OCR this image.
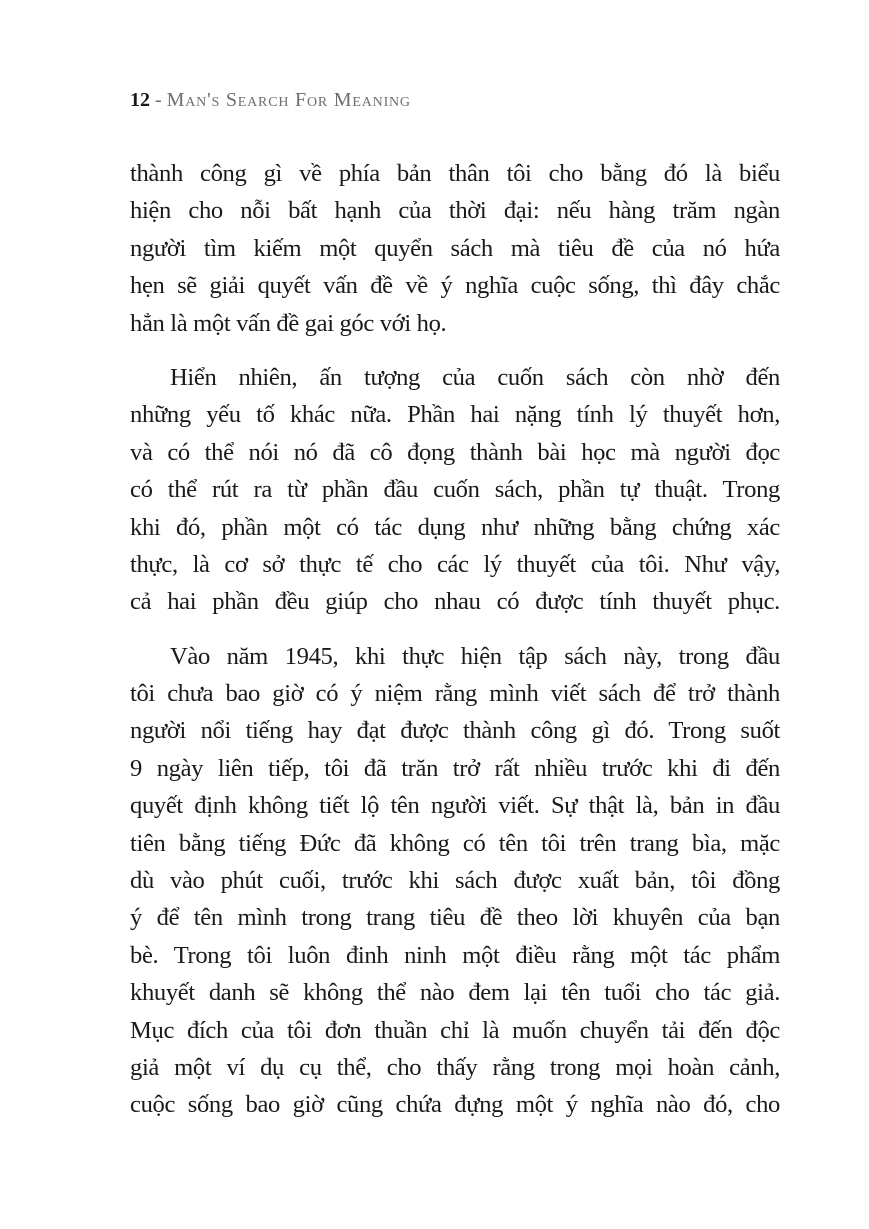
12 - Man's Search For Meaning

thành công gì về phía bản thân tôi cho bằng đó là biểu
hiện cho nỗi bất hạnh của thời đại: nếu hàng trăm ngàn
người tìm kiếm một quyển sách mà tiêu đề của nó hứa
hẹn sẽ giải quyết vấn đề về ý nghĩa cuộc sống, thì đây chắc
hẳn là một vấn đề gai góc với họ.

Hiển nhiên, ấn tượng của cuốn sách còn nhờ đến
những yếu tố khác nữa. Phần hai nặng tính lý thuyết hơn,
và có thể nói nó đã cô đọng thành bài học mà người đọc
có thể rút ra từ phần đầu cuốn sách, phần tự thuật. Trong
khi đó, phần một có tác dụng như những bằng chứng xác
thực, là cơ sở thực tế cho các lý thuyết của tôi. Như vậy,
cả hai phần đều giúp cho nhau có được tính thuyết phục.

Vào năm 1945, khi thực hiện tập sách này, trong đầu
tôi chưa bao giờ có ý niệm rằng mình viết sách để trở thành
người nổi tiếng hay đạt được thành công gì đó. Trong suốt
9 ngày liên tiếp, tôi đã trăn trở rất nhiều trước khi đi đến
quyết định không tiết lộ tên người viết. Sự thật là, bản in đầu
tiên bằng tiếng Đức đã không có tên tôi trên trang bìa, mặc
dù vào phút cuối, trước khi sách được xuất bản, tôi đồng
ý để tên mình trong trang tiêu đề theo lời khuyên của bạn
bè. Trong tôi luôn đinh ninh một điều rằng một tác phẩm
khuyết danh sẽ không thể nào đem lại tên tuổi cho tác giả.
Mục đích của tôi đơn thuần chỉ là muốn chuyển tải đến độc
giả một ví dụ cụ thể, cho thấy rằng trong mọi hoàn cảnh,
cuộc sống bao giờ cũng chứa đựng một ý nghĩa nào đó, cho
